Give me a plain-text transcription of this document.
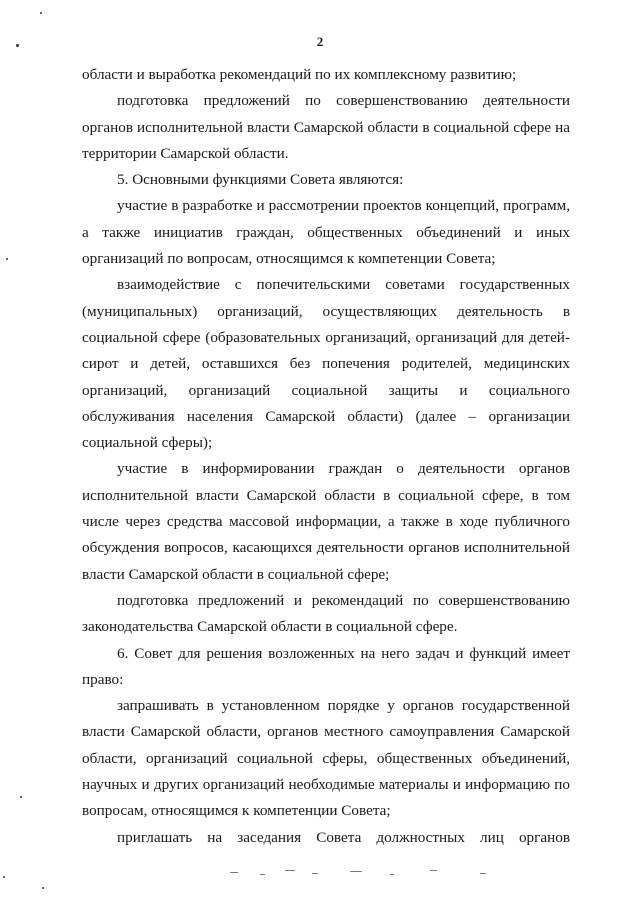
2

области и выработка рекомендаций по их комплексному развитию;

подготовка предложений по совершенствованию деятельности органов исполнительной власти Самарской области в социальной сфере на территории Самарской области.

5. Основными функциями Совета являются:

участие в разработке и рассмотрении проектов концепций, программ, а также инициатив граждан, общественных объединений и иных организаций по вопросам, относящимся к компетенции Совета;

взаимодействие с попечительскими советами государственных (муниципальных) организаций, осуществляющих деятельность в социальной сфере (образовательных организаций, организаций для детей-сирот и детей, оставшихся без попечения родителей, медицинских организаций, организаций социальной защиты и социального обслуживания населения Самарской области) (далее – организации социальной сферы);

участие в информировании граждан о деятельности органов исполнительной власти Самарской области в социальной сфере, в том числе через средства массовой информации, а также в ходе публичного обсуждения вопросов, касающихся деятельности органов исполнительной власти Самарской области в социальной сфере;

подготовка предложений и рекомендаций по совершенствованию законодательства Самарской области в социальной сфере.

6. Совет для решения возложенных на него задач и функций имеет право:

запрашивать в установленном порядке у органов государственной власти Самарской области, органов местного самоуправления Самарской области, организаций социальной сферы, общественных объединений, научных и других организаций необходимые материалы и информацию по вопросам, относящимся к компетенции Совета;

приглашать на заседания Совета должностных лиц органов
